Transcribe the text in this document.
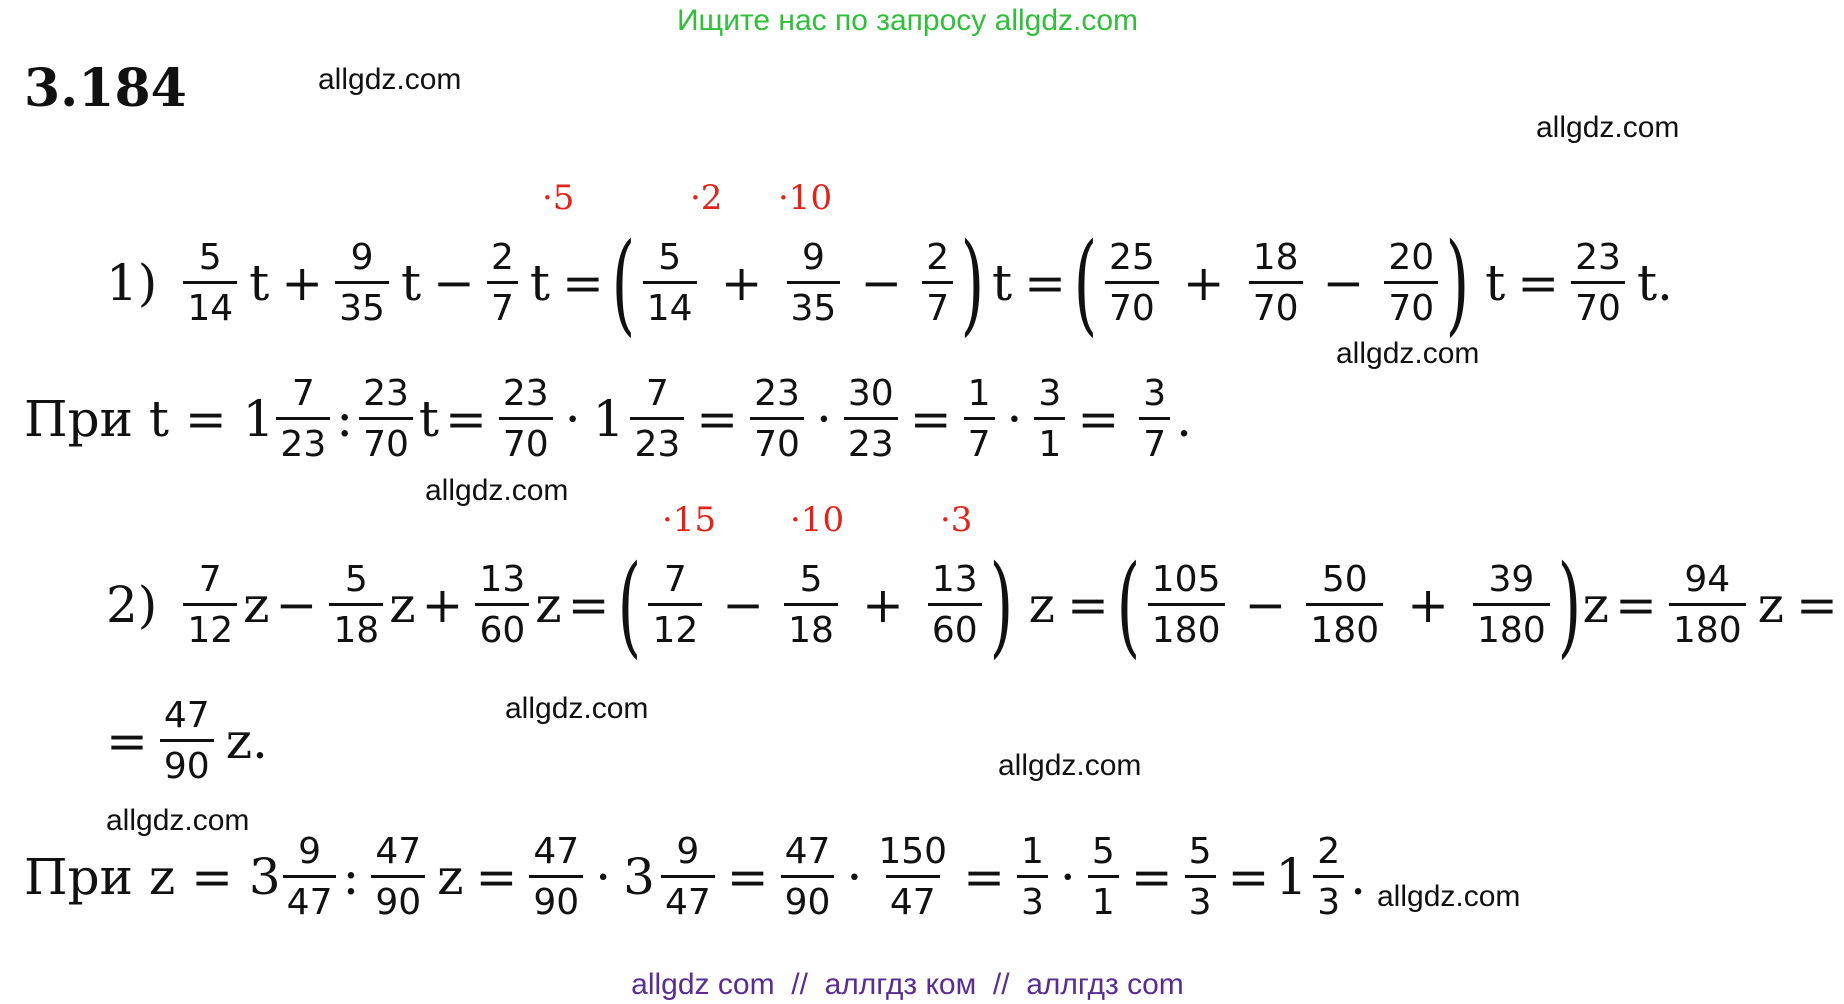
Ищите нас по запросу allgdz.com
3.184	allgdz.com
allgdz.com
allgdz.com
allgdz.com
allgdz.com
allgdz.com
allgdz.com
allgdz.com
·5	·2 ·10
$1) \frac{5}{14}$ $t + \frac{9}{35}$ $t - \frac{2}{7}$ t = ( $\frac{5}{14} + \frac{9}{35} - \frac{2}{7}$ ) t = ( $\frac{25}{70} + \frac{18}{70} - \frac{20}{70}$ ) $t = \frac{23}{70} t$.
При $t = 1 \frac{7}{23}$ : $\frac{23}{70}$ $t = \frac{23}{70} \cdot 1 \frac{7}{23} = \frac{23}{70} \cdot \frac{30}{23} = \frac{1}{7} \cdot \frac{3}{1} = \frac{3}{7}$ .
·15 ·10	·3
$2) \frac{7}{12}$ $z - \frac{5}{18}$ $z + \frac{13}{60}$ z = ( $\frac{7}{12} - \frac{5}{18} + \frac{13}{60}$ ) z = ( $\frac{105}{180} - \frac{50}{180} + \frac{39}{180}$ ) $z = \frac{94}{180}$ z =
= $\frac{47}{90} z$.
При $z = 3 \frac{9}{47}$ : $\frac{47}{90}$ $z = \frac{47}{90} \cdot 3 \frac{9}{47} = \frac{47}{90} \cdot \frac{150}{47} = \frac{1}{3} \cdot \frac{5}{1} = \frac{5}{3} = 1 \frac{2}{3}$ .
allgdz com  //  аллгдз ком  //  аллгдз com
